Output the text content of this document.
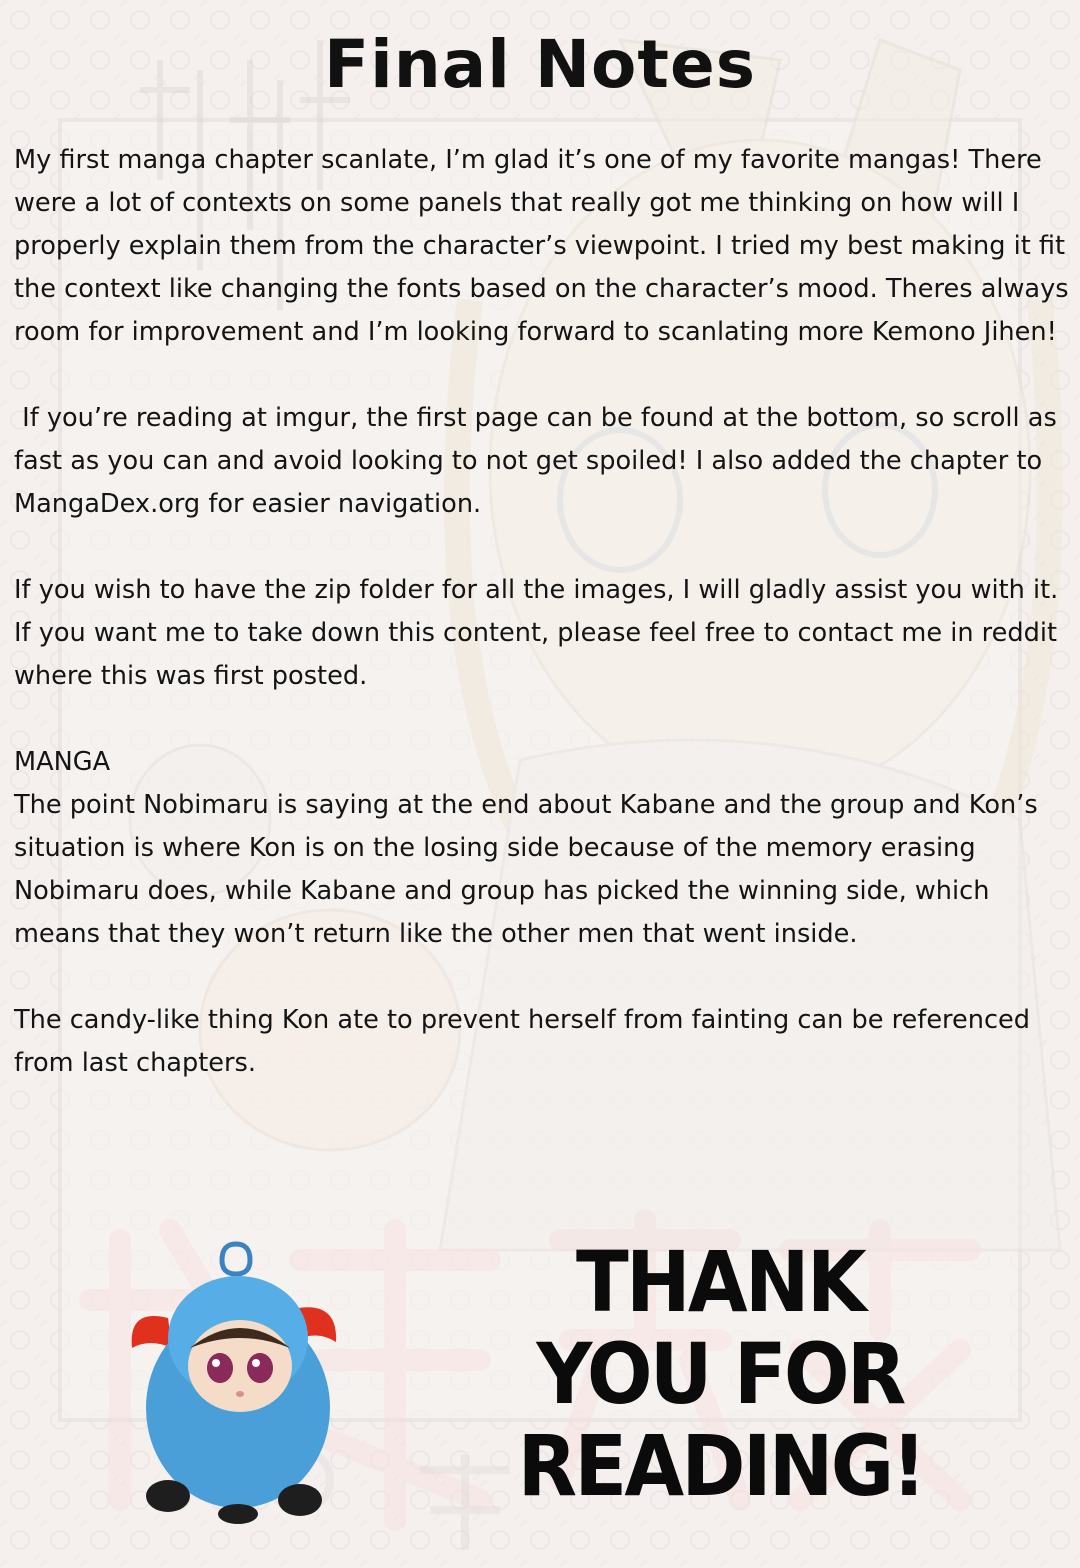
Final Notes

My first manga chapter scanlate, I’m glad it’s one of my favorite mangas! There were a lot of contexts on some panels that really got me thinking on how will I properly explain them from the character’s viewpoint. I tried my best making it fit the context like changing the fonts based on the character’s mood. Theres always room for improvement and I’m looking forward to scanlating more Kemono Jihen!

If you’re reading at imgur, the first page can be found at the bottom, so scroll as fast as you can and avoid looking to not get spoiled! I also added the chapter to MangaDex.org for easier navigation.

If you wish to have the zip folder for all the images, I will gladly assist you with it. If you want me to take down this content, please feel free to contact me in reddit where this was first posted.

MANGA

The point Nobimaru is saying at the end about Kabane and the group and Kon’s situation is where Kon is on the losing side because of the memory erasing Nobimaru does, while Kabane and group has picked the winning side, which means that they won’t return like the other men that went inside.

The candy-like thing Kon ate to prevent herself from fainting can be referenced from last chapters.

THANK
YOU FOR
READING!
